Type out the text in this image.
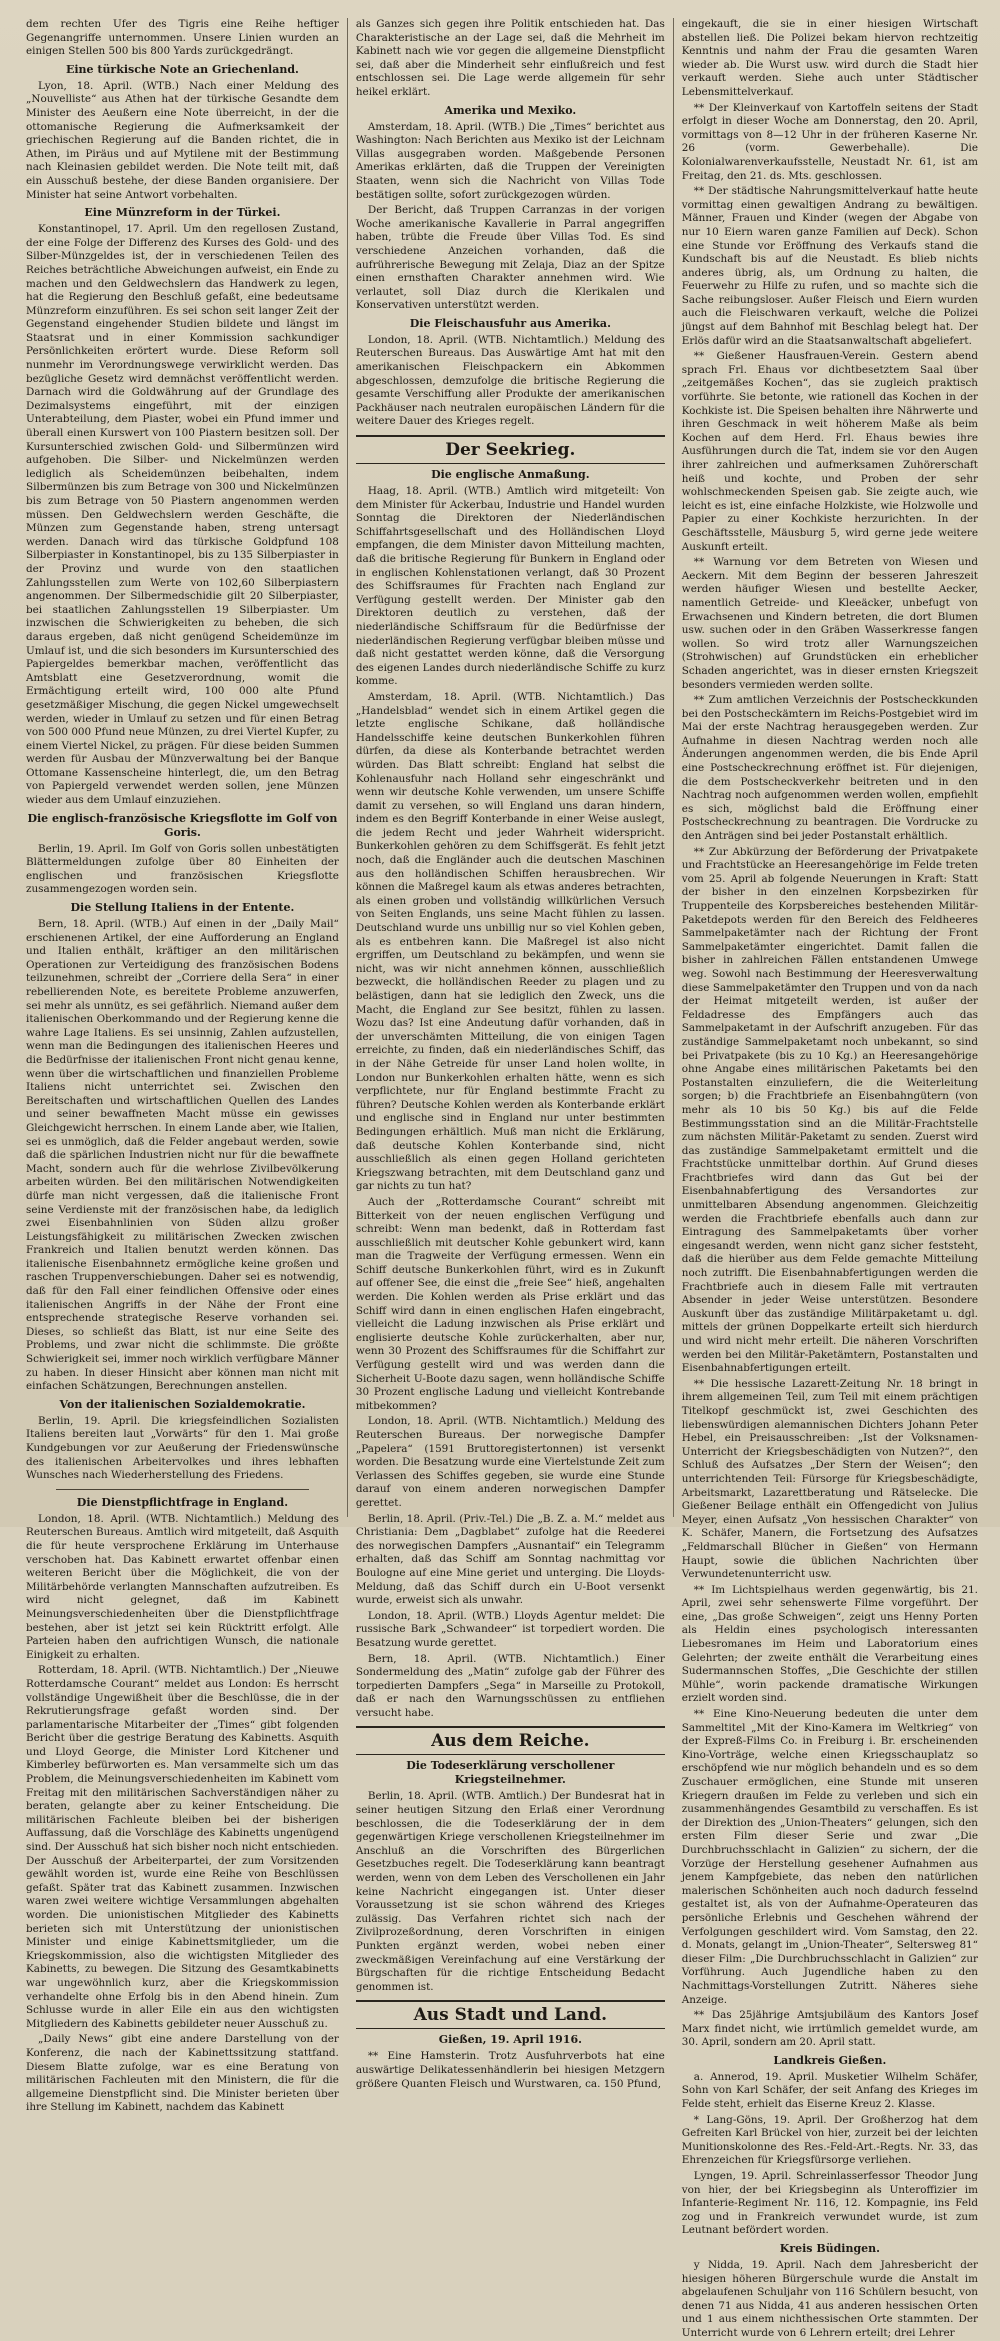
dem rechten Ufer des Tigris eine Reihe heftiger Gegenangriffe unternommen. Unsere Linien wurden an einigen Stellen 500 bis 800 Yards zurückgedrängt.

Eine türkische Note an Griechenland.

Lyon, 18. April. (WTB.) Nach einer Meldung des „Nouvelliste“ aus Athen hat der türkische Gesandte dem Minister des Aeußern eine Note überreicht, in der die ottomanische Regierung die Aufmerksamkeit der griechischen Regierung auf die Banden richtet, die in Athen, im Piräus und auf Mytilene mit der Bestimmung nach Kleinasien gebildet werden. Die Note teilt mit, daß ein Ausschuß bestehe, der diese Banden organisiere. Der Minister hat seine Antwort vorbehalten.

Eine Münzreform in der Türkei.

Konstantinopel, 17. April. Um den regellosen Zustand, der eine Folge der Differenz des Kurses des Gold- und des Silber-Münzgeldes ist, der in verschiedenen Teilen des Reiches beträchtliche Abweichungen aufweist, ein Ende zu machen und den Geldwechslern das Handwerk zu legen, hat die Regierung den Beschluß gefaßt, eine bedeutsame Münzreform einzuführen. Es sei schon seit langer Zeit der Gegenstand eingehender Studien bildete und längst im Staatsrat und in einer Kommission sachkundiger Persönlichkeiten erörtert wurde. Diese Reform soll nunmehr im Verordnungswege verwirklicht werden. Das bezügliche Gesetz wird demnächst veröffentlicht werden. Darnach wird die Goldwährung auf der Grundlage des Dezimalsystems eingeführt, mit der einzigen Unterabteilung, dem Piaster, wobei ein Pfund immer und überall einen Kurswert von 100 Piastern besitzen soll. Der Kursunterschied zwischen Gold- und Silbermünzen wird aufgehoben. Die Silber- und Nickelmünzen werden lediglich als Scheidemünzen beibehalten, indem Silbermünzen bis zum Betrage von 300 und Nickelmünzen bis zum Betrage von 50 Piastern angenommen werden müssen. Den Geldwechslern werden Geschäfte, die Münzen zum Gegenstande haben, streng untersagt werden. Danach wird das türkische Goldpfund 108 Silberpiaster in Konstantinopel, bis zu 135 Silberpiaster in der Provinz und wurde von den staatlichen Zahlungsstellen zum Werte von 102,60 Silberpiastern angenommen. Der Silbermedschidie gilt 20 Silberpiaster, bei staatlichen Zahlungsstellen 19 Silberpiaster. Um inzwischen die Schwierigkeiten zu beheben, die sich daraus ergeben, daß nicht genügend Scheidemünze im Umlauf ist, und die sich besonders im Kursunterschied des Papiergeldes bemerkbar machen, veröffentlicht das Amtsblatt eine Gesetzverordnung, womit die Ermächtigung erteilt wird, 100 000 alte Pfund gesetzmäßiger Mischung, die gegen Nickel umgewechselt werden, wieder in Umlauf zu setzen und für einen Betrag von 500 000 Pfund neue Münzen, zu drei Viertel Kupfer, zu einem Viertel Nickel, zu prägen. Für diese beiden Summen werden für Ausbau der Münzverwaltung bei der Banque Ottomane Kassenscheine hinterlegt, die, um den Betrag von Papiergeld verwendet werden sollen, jene Münzen wieder aus dem Umlauf einzuziehen.

Die englisch-französische Kriegsflotte im Golf von Goris.

Berlin, 19. April. Im Golf von Goris sollen unbestätigten Blättermeldungen zufolge über 80 Einheiten der englischen und französischen Kriegsflotte zusammengezogen worden sein.

Die Stellung Italiens in der Entente.

Bern, 18. April. (WTB.) Auf einen in der „Daily Mail“ erschienenen Artikel, der eine Aufforderung an England und Italien enthält, kräftiger an den militärischen Operationen zur Verteidigung des französischen Bodens teilzunehmen, schreibt der „Corriere della Sera“ in einer rebellierenden Note, es bereitete Probleme anzuwerfen, sei mehr als unnütz, es sei gefährlich. Niemand außer dem italienischen Oberkommando und der Regierung kenne die wahre Lage Italiens. Es sei unsinnig, Zahlen aufzustellen, wenn man die Bedingungen des italienischen Heeres und die Bedürfnisse der italienischen Front nicht genau kenne, wenn über die wirtschaftlichen und finanziellen Probleme Italiens nicht unterrichtet sei. Zwischen den Bereitschaften und wirtschaftlichen Quellen des Landes und seiner bewaffneten Macht müsse ein gewisses Gleichgewicht herrschen. In einem Lande aber, wie Italien, sei es unmöglich, daß die Felder angebaut werden, sowie daß die spärlichen Industrien nicht nur für die bewaffnete Macht, sondern auch für die wehrlose Zivilbevölkerung arbeiten würden. Bei den militärischen Notwendigkeiten dürfe man nicht vergessen, daß die italienische Front seine Verdienste mit der französischen habe, da lediglich zwei Eisenbahnlinien von Süden allzu großer Leistungsfähigkeit zu militärischen Zwecken zwischen Frankreich und Italien benutzt werden können. Das italienische Eisenbahnnetz ermögliche keine großen und raschen Truppenverschiebungen. Daher sei es notwendig, daß für den Fall einer feindlichen Offensive oder eines italienischen Angriffs in der Nähe der Front eine entsprechende strategische Reserve vorhanden sei. Dieses, so schließt das Blatt, ist nur eine Seite des Problems, und zwar nicht die schlimmste. Die größte Schwierigkeit sei, immer noch wirklich verfügbare Männer zu haben. In dieser Hinsicht aber können man nicht mit einfachen Schätzungen, Berechnungen anstellen.

Von der italienischen Sozialdemokratie.

Berlin, 19. April. Die kriegsfeindlichen Sozialisten Italiens bereiten laut „Vorwärts“ für den 1. Mai große Kundgebungen vor zur Aeußerung der Friedenswünsche des italienischen Arbeitervolkes und ihres lebhaften Wunsches nach Wiederherstellung des Friedens.

Die Dienstpflichtfrage in England.

London, 18. April. (WTB. Nichtamtlich.) Meldung des Reuterschen Bureaus. Amtlich wird mitgeteilt, daß Asquith die für heute versprochene Erklärung im Unterhause verschoben hat. Das Kabinett erwartet offenbar einen weiteren Bericht über die Möglichkeit, die von der Militärbehörde verlangten Mannschaften aufzutreiben. Es wird nicht gelegnet, daß im Kabinett Meinungsverschiedenheiten über die Dienstpflichtfrage bestehen, aber ist jetzt sei kein Rücktritt erfolgt. Alle Parteien haben den aufrichtigen Wunsch, die nationale Einigkeit zu erhalten.

Rotterdam, 18. April. (WTB. Nichtamtlich.) Der „Nieuwe Rotterdamsche Courant“ meldet aus London: Es herrscht vollständige Ungewißheit über die Beschlüsse, die in der Rekrutierungsfrage gefaßt worden sind. Der parlamentarische Mitarbeiter der „Times“ gibt folgenden Bericht über die gestrige Beratung des Kabinetts. Asquith und Lloyd George, die Minister Lord Kitchener und Kimberley befürworten es. Man versammelte sich um das Problem, die Meinungsverschiedenheiten im Kabinett vom Freitag mit den militärischen Sachverständigen näher zu beraten, gelangte aber zu keiner Entscheidung. Die militärischen Fachleute bleiben bei der bisherigen Auffassung, daß die Vorschläge des Kabinetts ungenügend sind. Der Ausschuß hat sich bisher noch nicht entschieden. Der Ausschuß der Arbeiterpartei, der zum Vorsitzenden gewählt worden ist, wurde eine Reihe von Beschlüssen gefaßt. Später trat das Kabinett zusammen. Inzwischen waren zwei weitere wichtige Versammlungen abgehalten worden. Die unionistischen Mitglieder des Kabinetts berieten sich mit Unterstützung der unionistischen Minister und einige Kabinettsmitglieder, um die Kriegskommission, also die wichtigsten Mitglieder des Kabinetts, zu bewegen. Die Sitzung des Gesamtkabinetts war ungewöhnlich kurz, aber die Kriegskommission verhandelte ohne Erfolg bis in den Abend hinein. Zum Schlusse wurde in aller Eile ein aus den wichtigsten Mitgliedern des Kabinetts gebildeter neuer Ausschuß zu.

„Daily News“ gibt eine andere Darstellung von der Konferenz, die nach der Kabinettssitzung stattfand. Diesem Blatte zufolge, war es eine Beratung von militärischen Fachleuten mit den Ministern, die für die allgemeine Dienstpflicht sind. Die Minister berieten über ihre Stellung im Kabinett, nachdem das Kabinett

als Ganzes sich gegen ihre Politik entschieden hat. Das Charakteristische an der Lage sei, daß die Mehrheit im Kabinett nach wie vor gegen die allgemeine Dienstpflicht sei, daß aber die Minderheit sehr einflußreich und fest entschlossen sei. Die Lage werde allgemein für sehr heikel erklärt.

Amerika und Mexiko.

Amsterdam, 18. April. (WTB.) Die „Times“ berichtet aus Washington: Nach Berichten aus Mexiko ist der Leichnam Villas ausgegraben worden. Maßgebende Personen Amerikas erklärten, daß die Truppen der Vereinigten Staaten, wenn sich die Nachricht von Villas Tode bestätigen sollte, sofort zurückgezogen würden.

Der Bericht, daß Truppen Carranzas in der vorigen Woche amerikanische Kavallerie in Parral angegriffen haben, trübte die Freude über Villas Tod. Es sind verschiedene Anzeichen vorhanden, daß die aufrührerische Bewegung mit Zelaja, Diaz an der Spitze einen ernsthaften Charakter annehmen wird. Wie verlautet, soll Diaz durch die Klerikalen und Konservativen unterstützt werden.

Die Fleischausfuhr aus Amerika.

London, 18. April. (WTB. Nichtamtlich.) Meldung des Reuterschen Bureaus. Das Auswärtige Amt hat mit den amerikanischen Fleischpackern ein Abkommen abgeschlossen, demzufolge die britische Regierung die gesamte Verschiffung aller Produkte der amerikanischen Packhäuser nach neutralen europäischen Ländern für die weitere Dauer des Krieges regelt.

Der Seekrieg.
Die englische Anmaßung.

Haag, 18. April. (WTB.) Amtlich wird mitgeteilt: Von dem Minister für Ackerbau, Industrie und Handel wurden Sonntag die Direktoren der Niederländischen Schiffahrtsgesellschaft und des Holländischen Lloyd empfangen, die dem Minister davon Mitteilung machten, daß die britische Regierung für Bunkern in England oder in englischen Kohlenstationen verlangt, daß 30 Prozent des Schiffsraumes für Frachten nach England zur Verfügung gestellt werden. Der Minister gab den Direktoren deutlich zu verstehen, daß der niederländische Schiffsraum für die Bedürfnisse der niederländischen Regierung verfügbar bleiben müsse und daß nicht gestattet werden könne, daß die Versorgung des eigenen Landes durch niederländische Schiffe zu kurz komme.

Amsterdam, 18. April. (WTB. Nichtamtlich.) Das „Handelsblad“ wendet sich in einem Artikel gegen die letzte englische Schikane, daß holländische Handelsschiffe keine deutschen Bunkerkohlen führen dürfen, da diese als Konterbande betrachtet werden würden. Das Blatt schreibt: England hat selbst die Kohlenausfuhr nach Holland sehr eingeschränkt und wenn wir deutsche Kohle verwenden, um unsere Schiffe damit zu versehen, so will England uns daran hindern, indem es den Begriff Konterbande in einer Weise auslegt, die jedem Recht und jeder Wahrheit widerspricht. Bunkerkohlen gehören zu dem Schiffsgerät. Es fehlt jetzt noch, daß die Engländer auch die deutschen Maschinen aus den holländischen Schiffen herausbrechen. Wir können die Maßregel kaum als etwas anderes betrachten, als einen groben und vollständig willkürlichen Versuch von Seiten Englands, uns seine Macht fühlen zu lassen. Deutschland wurde uns unbillig nur so viel Kohlen geben, als es entbehren kann. Die Maßregel ist also nicht ergriffen, um Deutschland zu bekämpfen, und wenn sie nicht, was wir nicht annehmen können, ausschließlich bezweckt, die holländischen Reeder zu plagen und zu belästigen, dann hat sie lediglich den Zweck, uns die Macht, die England zur See besitzt, fühlen zu lassen. Wozu das? Ist eine Andeutung dafür vorhanden, daß in der unverschämten Mitteilung, die von einigen Tagen erreichte, zu finden, daß ein niederländisches Schiff, das in der Nähe Getreide für unser Land holen wollte, in London nur Bunkerkohlen erhalten hätte, wenn es sich verpflichtete, nur für England bestimmte Fracht zu führen? Deutsche Kohlen werden als Konterbande erklärt und englische sind in England nur unter bestimmten Bedingungen erhältlich. Muß man nicht die Erklärung, daß deutsche Kohlen Konterbande sind, nicht ausschließlich als einen gegen Holland gerichteten Kriegszwang betrachten, mit dem Deutschland ganz und gar nichts zu tun hat?

Auch der „Rotterdamsche Courant“ schreibt mit Bitterkeit von der neuen englischen Verfügung und schreibt: Wenn man bedenkt, daß in Rotterdam fast ausschließlich mit deutscher Kohle gebunkert wird, kann man die Tragweite der Verfügung ermessen. Wenn ein Schiff deutsche Bunkerkohlen führt, wird es in Zukunft auf offener See, die einst die „freie See“ hieß, angehalten werden. Die Kohlen werden als Prise erklärt und das Schiff wird dann in einen englischen Hafen eingebracht, vielleicht die Ladung inzwischen als Prise erklärt und englisierte deutsche Kohle zurückerhalten, aber nur, wenn 30 Prozent des Schiffsraumes für die Schiffahrt zur Verfügung gestellt wird und was werden dann die Sicherheit U-Boote dazu sagen, wenn holländische Schiffe 30 Prozent englische Ladung und vielleicht Kontrebande mitbekommen?

London, 18. April. (WTB. Nichtamtlich.) Meldung des Reuterschen Bureaus. Der norwegische Dampfer „Papelera“ (1591 Bruttoregistertonnen) ist versenkt worden. Die Besatzung wurde eine Viertelstunde Zeit zum Verlassen des Schiffes gegeben, sie wurde eine Stunde darauf von einem anderen norwegischen Dampfer gerettet.

Berlin, 18. April. (Priv.-Tel.) Die „B. Z. a. M.“ meldet aus Christiania: Dem „Dagblabet“ zufolge hat die Reederei des norwegischen Dampfers „Ausnantaif“ ein Telegramm erhalten, daß das Schiff am Sonntag nachmittag vor Boulogne auf eine Mine geriet und unterging. Die Lloyds-Meldung, daß das Schiff durch ein U-Boot versenkt wurde, erweist sich als unwahr.

London, 18. April. (WTB.) Lloyds Agentur meldet: Die russische Bark „Schwandeer“ ist torpediert worden. Die Besatzung wurde gerettet.

Bern, 18. April. (WTB. Nichtamtlich.) Einer Sondermeldung des „Matin“ zufolge gab der Führer des torpedierten Dampfers „Sega“ in Marseille zu Protokoll, daß er nach den Warnungsschüssen zu entfliehen versucht habe.

Aus dem Reiche.
Die Todeserklärung verschollener Kriegsteilnehmer.

Berlin, 18. April. (WTB. Amtlich.) Der Bundesrat hat in seiner heutigen Sitzung den Erlaß einer Verordnung beschlossen, die die Todeserklärung der in dem gegenwärtigen Kriege verschollenen Kriegsteilnehmer im Anschluß an die Vorschriften des Bürgerlichen Gesetzbuches regelt. Die Todeserklärung kann beantragt werden, wenn von dem Leben des Verschollenen ein Jahr keine Nachricht eingegangen ist. Unter dieser Voraussetzung ist sie schon während des Krieges zulässig. Das Verfahren richtet sich nach der Zivilprozeßordnung, deren Vorschriften in einigen Punkten ergänzt werden, wobei neben einer zweckmäßigen Vereinfachung auf eine Verstärkung der Bürgschaften für die richtige Entscheidung Bedacht genommen ist.

Aus Stadt und Land.
Gießen, 19. April 1916.

** Eine Hamsterin. Trotz Ausfuhrverbots hat eine auswärtige Delikatessenhändlerin bei hiesigen Metzgern größere Quanten Fleisch und Wurstwaren, ca. 150 Pfund,

eingekauft, die sie in einer hiesigen Wirtschaft abstellen ließ. Die Polizei bekam hiervon rechtzeitig Kenntnis und nahm der Frau die gesamten Waren wieder ab. Die Wurst usw. wird durch die Stadt hier verkauft werden. Siehe auch unter Städtischer Lebensmittelverkauf.

** Der Kleinverkauf von Kartoffeln seitens der Stadt erfolgt in dieser Woche am Donnerstag, den 20. April, vormittags von 8—12 Uhr in der früheren Kaserne Nr. 26 (vorm. Gewerbehalle). Die Kolonialwarenverkaufsstelle, Neustadt Nr. 61, ist am Freitag, den 21. ds. Mts. geschlossen.

** Der städtische Nahrungsmittelverkauf hatte heute vormittag einen gewaltigen Andrang zu bewältigen. Männer, Frauen und Kinder (wegen der Abgabe von nur 10 Eiern waren ganze Familien auf Deck). Schon eine Stunde vor Eröffnung des Verkaufs stand die Kundschaft bis auf die Neustadt. Es blieb nichts anderes übrig, als, um Ordnung zu halten, die Feuerwehr zu Hilfe zu rufen, und so machte sich die Sache reibungsloser. Außer Fleisch und Eiern wurden auch die Fleischwaren verkauft, welche die Polizei jüngst auf dem Bahnhof mit Beschlag belegt hat. Der Erlös dafür wird an die Staatsanwaltschaft abgeliefert.

** Gießener Hausfrauen-Verein. Gestern abend sprach Frl. Ehaus vor dichtbesetztem Saal über „zeitgemäßes Kochen“, das sie zugleich praktisch vorführte. Sie betonte, wie rationell das Kochen in der Kochkiste ist. Die Speisen behalten ihre Nährwerte und ihren Geschmack in weit höherem Maße als beim Kochen auf dem Herd. Frl. Ehaus bewies ihre Ausführungen durch die Tat, indem sie vor den Augen ihrer zahlreichen und aufmerksamen Zuhörerschaft heiß und kochte, und Proben der sehr wohlschmeckenden Speisen gab. Sie zeigte auch, wie leicht es ist, eine einfache Holzkiste, wie Holzwolle und Papier zu einer Kochkiste herzurichten. In der Geschäftsstelle, Mäusburg 5, wird gerne jede weitere Auskunft erteilt.

** Warnung vor dem Betreten von Wiesen und Aeckern. Mit dem Beginn der besseren Jahreszeit werden häufiger Wiesen und bestellte Aecker, namentlich Getreide- und Kleeäcker, unbefugt von Erwachsenen und Kindern betreten, die dort Blumen usw. suchen oder in den Gräben Wasserkresse fangen wollen. So wird trotz aller Warnungszeichen (Strohwischen) auf Grundstücken ein erheblicher Schaden angerichtet, was in dieser ernsten Kriegszeit besonders vermieden werden sollte.

** Zum amtlichen Verzeichnis der Postscheckkunden bei den Postscheckämtern im Reichs-Postgebiet wird im Mai der erste Nachtrag herausgegeben werden. Zur Aufnahme in diesen Nachtrag werden noch alle Änderungen angenommen werden, die bis Ende April eine Postscheckrechnung eröffnet ist. Für diejenigen, die dem Postscheckverkehr beitreten und in den Nachtrag noch aufgenommen werden wollen, empfiehlt es sich, möglichst bald die Eröffnung einer Postscheckrechnung zu beantragen. Die Vordrucke zu den Anträgen sind bei jeder Postanstalt erhältlich.

** Zur Abkürzung der Beförderung der Privatpakete und Frachtstücke an Heeresangehörige im Felde treten vom 25. April ab folgende Neuerungen in Kraft: Statt der bisher in den einzelnen Korpsbezirken für Truppenteile des Korpsbereiches bestehenden Militär-Paketdepots werden für den Bereich des Feldheeres Sammelpaketämter nach der Richtung der Front Sammelpaketämter eingerichtet. Damit fallen die bisher in zahlreichen Fällen entstandenen Umwege weg. Sowohl nach Bestimmung der Heeresverwaltung diese Sammelpaketämter den Truppen und von da nach der Heimat mitgeteilt werden, ist außer der Feldadresse des Empfängers auch das Sammelpaketamt in der Aufschrift anzugeben. Für das zuständige Sammelpaketamt noch unbekannt, so sind bei Privatpakete (bis zu 10 Kg.) an Heeresangehörige ohne Angabe eines militärischen Paketamts bei den Postanstalten einzuliefern, die die Weiterleitung sorgen; b) die Frachtbriefe an Eisenbahngütern (von mehr als 10 bis 50 Kg.) bis auf die Felde Bestimmungsstation sind an die Militär-Frachtstelle zum nächsten Militär-Paketamt zu senden. Zuerst wird das zuständige Sammelpaketamt ermittelt und die Frachtstücke unmittelbar dorthin. Auf Grund dieses Frachtbriefes wird dann das Gut bei der Eisenbahnabfertigung des Versandortes zur unmittelbaren Absendung angenommen. Gleichzeitig werden die Frachtbriefe ebenfalls auch dann zur Eintragung des Sammelpaketamts über vorher eingesandt werden, wenn nicht ganz sicher feststeht, daß die hierüber aus dem Felde gemachte Mitteilung noch zutrifft. Die Eisenbahnabfertigungen werden die Frachtbriefe auch in diesem Falle mit vertrauten Absender in jeder Weise unterstützen. Besondere Auskunft über das zuständige Militärpaketamt u. dgl. mittels der grünen Doppelkarte erteilt sich hierdurch und wird nicht mehr erteilt. Die näheren Vorschriften werden bei den Militär-Paketämtern, Postanstalten und Eisenbahnabfertigungen erteilt.

** Die hessische Lazarett-Zeitung Nr. 18 bringt in ihrem allgemeinen Teil, zum Teil mit einem prächtigen Titelkopf geschmückt ist, zwei Geschichten des liebenswürdigen alemannischen Dichters Johann Peter Hebel, ein Preisausschreiben: „Ist der Volksnamen-Unterricht der Kriegsbeschädigten von Nutzen?“, den Schluß des Aufsatzes „Der Stern der Weisen“; den unterrichtenden Teil: Fürsorge für Kriegsbeschädigte, Arbeitsmarkt, Lazarettberatung und Rätselecke. Die Gießener Beilage enthält ein Offengedicht von Julius Meyer, einen Aufsatz „Von hessischen Charakter“ von K. Schäfer, Manern, die Fortsetzung des Aufsatzes „Feldmarschall Blücher in Gießen“ von Hermann Haupt, sowie die üblichen Nachrichten über Verwundetenunterricht usw.

** Im Lichtspielhaus werden gegenwärtig, bis 21. April, zwei sehr sehenswerte Filme vorgeführt. Der eine, „Das große Schweigen“, zeigt uns Henny Porten als Heldin eines psychologisch interessanten Liebesromanes im Heim und Laboratorium eines Gelehrten; der zweite enthält die Verarbeitung eines Sudermannschen Stoffes, „Die Geschichte der stillen Mühle“, worin packende dramatische Wirkungen erzielt worden sind.

** Eine Kino-Neuerung bedeuten die unter dem Sammeltitel „Mit der Kino-Kamera im Weltkrieg“ von der Expreß-Films Co. in Freiburg i. Br. erscheinenden Kino-Vorträge, welche einen Kriegsschauplatz so erschöpfend wie nur möglich behandeln und es so dem Zuschauer ermöglichen, eine Stunde mit unseren Kriegern draußen im Felde zu verleben und sich ein zusammenhängendes Gesamtbild zu verschaffen. Es ist der Direktion des „Union-Theaters“ gelungen, sich den ersten Film dieser Serie und zwar „Die Durchbruchsschlacht in Galizien“ zu sichern, der die Vorzüge der Herstellung gesehener Aufnahmen aus jenem Kampfgebiete, das neben den natürlichen malerischen Schönheiten auch noch dadurch fesselnd gestaltet ist, als von der Aufnahme-Operateuren das persönliche Erlebnis und Geschehen während der Verfolgungen geschildert wird. Vom Samstag, den 22. d. Monats, gelangt im „Union-Theater“, Seltersweg 81“ dieser Film: „Die Durchbruchsschlacht in Galizien“ zur Vorführung. Auch Jugendliche haben zu den Nachmittags-Vorstellungen Zutritt. Näheres siehe Anzeige.

** Das 25jährige Amtsjubiläum des Kantors Josef Marx findet nicht, wie irrtümlich gemeldet wurde, am 30. April, sondern am 20. April statt.

Landkreis Gießen.

a. Annerod, 19. April. Musketier Wilhelm Schäfer, Sohn von Karl Schäfer, der seit Anfang des Krieges im Felde steht, erhielt das Eiserne Kreuz 2. Klasse.

* Lang-Göns, 19. April. Der Großherzog hat dem Gefreiten Karl Brückel von hier, zurzeit bei der leichten Munitionskolonne des Res.-Feld-Art.-Regts. Nr. 33, das Ehrenzeichen für Kriegsfürsorge verliehen.

Lyngen, 19. April. Schreinlasserfessor Theodor Jung von hier, der bei Kriegsbeginn als Unteroffizier im Infanterie-Regiment Nr. 116, 12. Kompagnie, ins Feld zog und in Frankreich verwundet wurde, ist zum Leutnant befördert worden.

Kreis Büdingen.

y Nidda, 19. April. Nach dem Jahresbericht der hiesigen höheren Bürgerschule wurde die Anstalt im abgelaufenen Schuljahr von 116 Schülern besucht, von denen 71 aus Nidda, 41 aus anderen hessischen Orten und 1 aus einem nichthessischen Orte stammten. Der Unterricht wurde von 6 Lehrern erteilt; drei Lehrer
